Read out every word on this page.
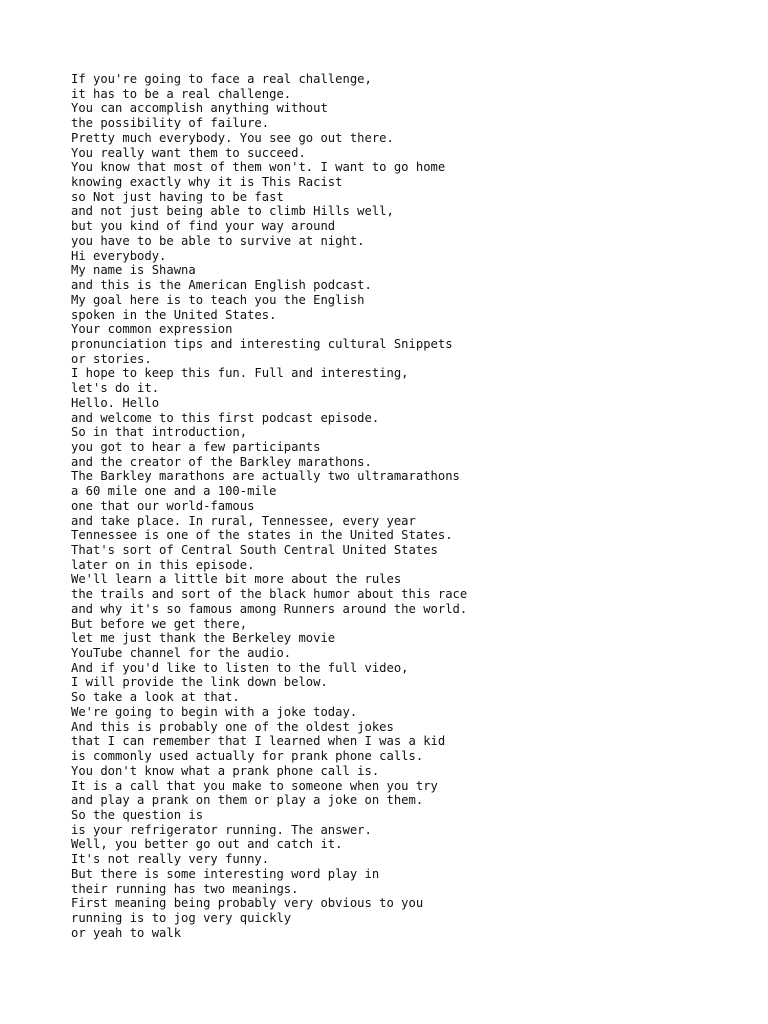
If you're going to face a real challenge,
it has to be a real challenge.
You can accomplish anything without
the possibility of failure.
Pretty much everybody. You see go out there.
You really want them to succeed.
You know that most of them won't. I want to go home
knowing exactly why it is This Racist
so Not just having to be fast
and not just being able to climb Hills well,
but you kind of find your way around
you have to be able to survive at night.
Hi everybody.
My name is Shawna
and this is the American English podcast.
My goal here is to teach you the English
spoken in the United States.
Your common expression
pronunciation tips and interesting cultural Snippets
or stories.
I hope to keep this fun. Full and interesting,
let's do it.
Hello. Hello
and welcome to this first podcast episode.
So in that introduction,
you got to hear a few participants
and the creator of the Barkley marathons.
The Barkley marathons are actually two ultramarathons
a 60 mile one and a 100-mile
one that our world-famous
and take place. In rural, Tennessee, every year
Tennessee is one of the states in the United States.
That's sort of Central South Central United States
later on in this episode.
We'll learn a little bit more about the rules
the trails and sort of the black humor about this race
and why it's so famous among Runners around the world.
But before we get there,
let me just thank the Berkeley movie
YouTube channel for the audio.
And if you'd like to listen to the full video,
I will provide the link down below.
So take a look at that.
We're going to begin with a joke today.
And this is probably one of the oldest jokes
that I can remember that I learned when I was a kid
is commonly used actually for prank phone calls.
You don't know what a prank phone call is.
It is a call that you make to someone when you try
and play a prank on them or play a joke on them.
So the question is
is your refrigerator running. The answer.
Well, you better go out and catch it.
It's not really very funny.
But there is some interesting word play in
their running has two meanings.
First meaning being probably very obvious to you
running is to jog very quickly
or yeah to walk
